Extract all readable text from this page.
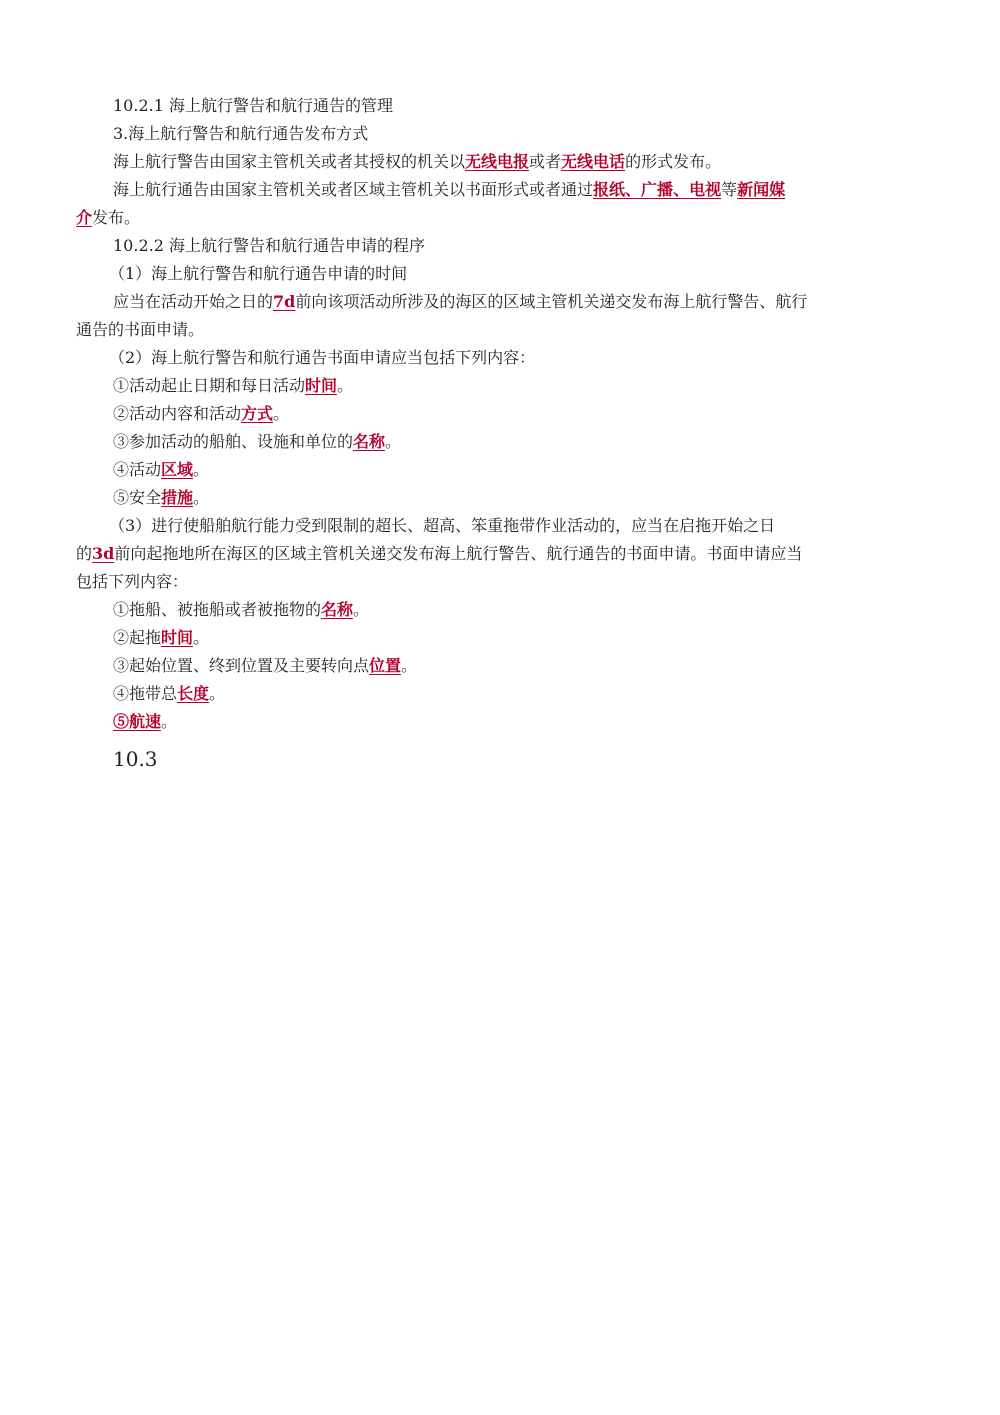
10.2.1 海上航行警告和航行通告的管理
3.海上航行警告和航行通告发布方式
海上航行警告由国家主管机关或者其授权的机关以无线电报或者无线电话的形式发布。
海上航行通告由国家主管机关或者区域主管机关以书面形式或者通过报纸、广播、电视等新闻媒
介发布。
10.2.2 海上航行警告和航行通告申请的程序
（1）海上航行警告和航行通告申请的时间
应当在活动开始之日的7d前向该项活动所涉及的海区的区域主管机关递交发布海上航行警告、航行
通告的书面申请。
（2）海上航行警告和航行通告书面申请应当包括下列内容：
①活动起止日期和每日活动时间。
②活动内容和活动方式。
③参加活动的船舶、设施和单位的名称。
④活动区域。
⑤安全措施。
（3）进行使船舶航行能力受到限制的超长、超高、笨重拖带作业活动的，应当在启拖开始之日
的3d前向起拖地所在海区的区域主管机关递交发布海上航行警告、航行通告的书面申请。书面申请应当
包括下列内容：
①拖船、被拖船或者被拖物的名称。
②起拖时间。
③起始位置、终到位置及主要转向点位置。
④拖带总长度。
⑤航速。
10.3
